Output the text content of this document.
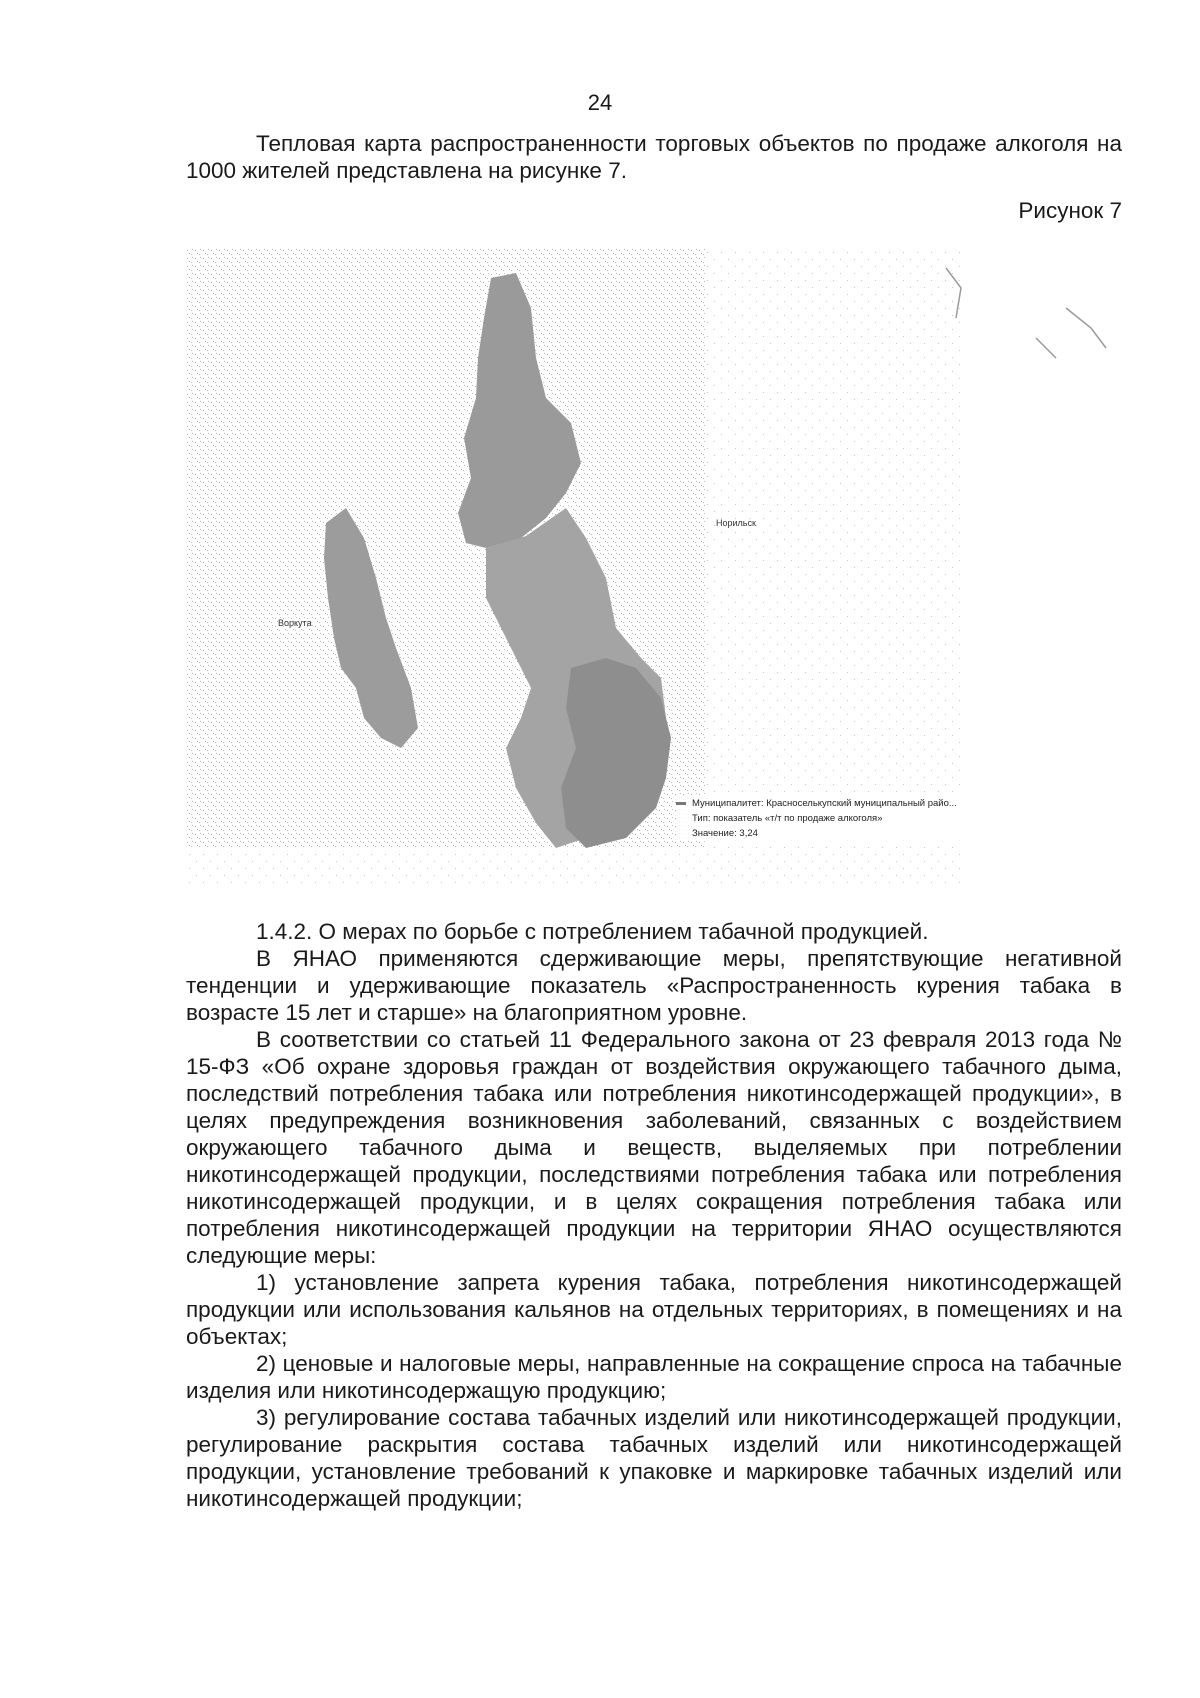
24

Тепловая карта распространенности торговых объектов по продаже алкоголя на 1000 жителей представлена на рисунке 7.

Рисунок 7
Воркута
Норильск
Муниципалитет: Красноселькупский муниципальный райо...
Тип: показатель «т/т по продаже алкоголя»
Значение: 3,24

1.4.2. О мерах по борьбе с потреблением табачной продукцией.

В ЯНАО применяются сдерживающие меры, препятствующие негативной тенденции и удерживающие показатель «Распространенность курения табака в возрасте 15 лет и старше» на благоприятном уровне.

В соответствии со статьей 11 Федерального закона от 23 февраля 2013 года № 15-ФЗ «Об охране здоровья граждан от воздействия окружающего табачного дыма, последствий потребления табака или потребления никотинсодержащей продукции», в целях предупреждения возникновения заболеваний, связанных с воздействием окружающего табачного дыма и веществ, выделяемых при потреблении никотинсодержащей продукции, последствиями потребления табака или потребления никотинсодержащей продукции, и в целях сокращения потребления табака или потребления никотинсодержащей продукции на территории ЯНАО осуществляются следующие меры:

1) установление запрета курения табака, потребления никотинсодержащей продукции или использования кальянов на отдельных территориях, в помещениях и на объектах;

2) ценовые и налоговые меры, направленные на сокращение спроса на табачные изделия или никотинсодержащую продукцию;

3) регулирование состава табачных изделий или никотинсодержащей продукции, регулирование раскрытия состава табачных изделий или никотинсодержащей продукции, установление требований к упаковке и маркировке табачных изделий или никотинсодержащей продукции;
